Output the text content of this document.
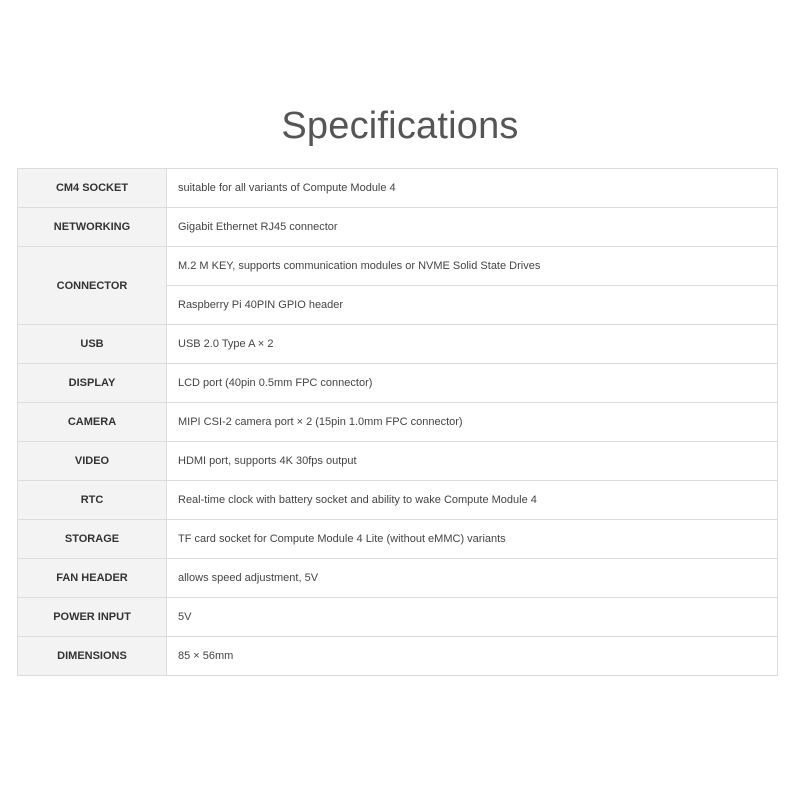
Specifications
CM4 SOCKET	suitable for all variants of Compute Module 4
NETWORKING	Gigabit Ethernet RJ45 connector
CONNECTOR	M.2 M KEY, supports communication modules or NVME Solid State Drives
	Raspberry Pi 40PIN GPIO header
USB	USB 2.0 Type A × 2
DISPLAY	LCD port (40pin 0.5mm FPC connector)
CAMERA	MIPI CSI-2 camera port × 2 (15pin 1.0mm FPC connector)
VIDEO	HDMI port, supports 4K 30fps output
RTC	Real-time clock with battery socket and ability to wake Compute Module 4
STORAGE	TF card socket for Compute Module 4 Lite (without eMMC) variants
FAN HEADER	allows speed adjustment, 5V
POWER INPUT	5V
DIMENSIONS	85 × 56mm
